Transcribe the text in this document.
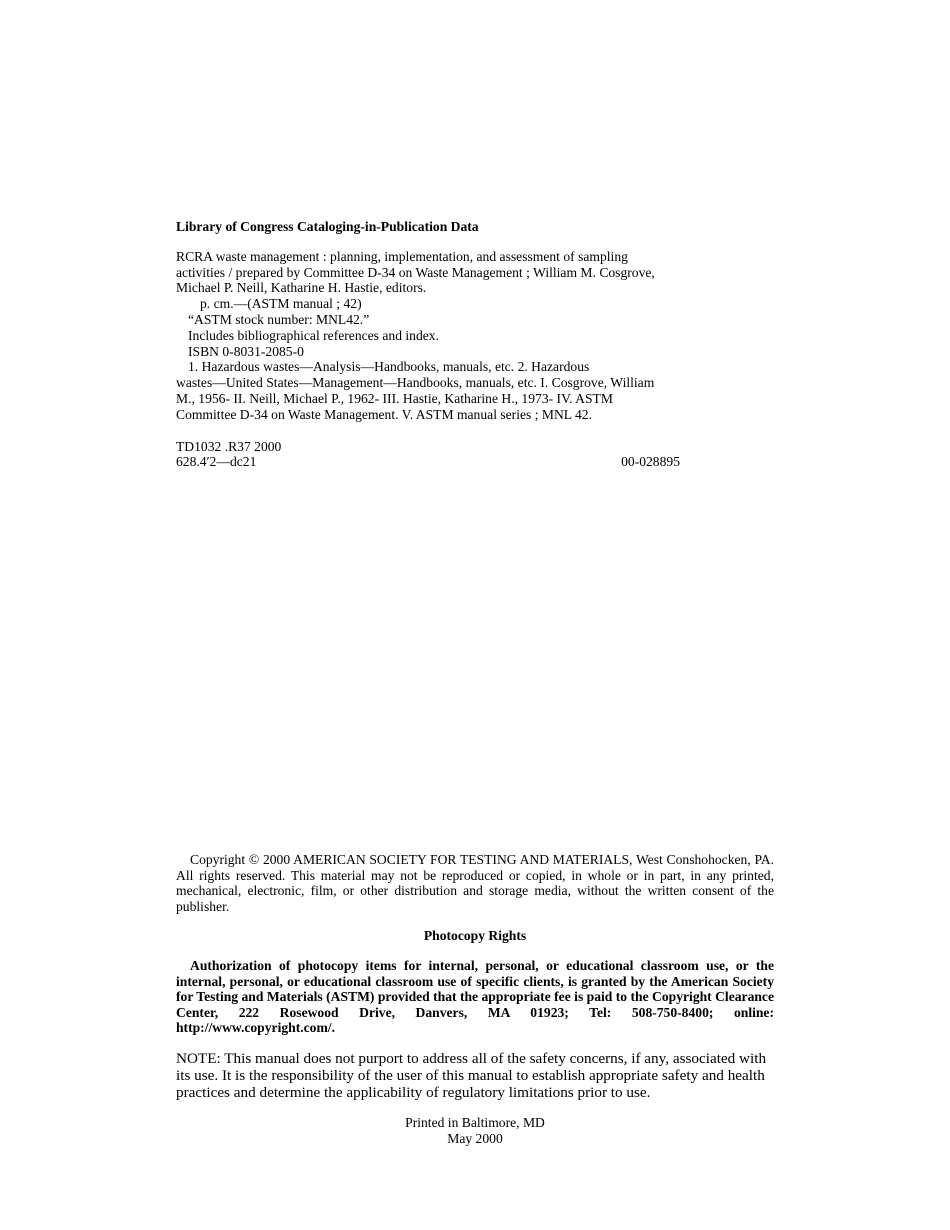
Library of Congress Cataloging-in-Publication Data

RCRA waste management : planning, implementation, and assessment of sampling

activities / prepared by Committee D-34 on Waste Management ; William M. Cosgrove,

Michael P. Neill, Katharine H. Hastie, editors.

p. cm.—(ASTM manual ; 42)

“ASTM stock number: MNL42.”

Includes bibliographical references and index.

ISBN 0-8031-2085-0

1. Hazardous wastes—Analysis—Handbooks, manuals, etc. 2. Hazardous

wastes—United States—Management—Handbooks, manuals, etc. I. Cosgrove, William

M., 1956- II. Neill, Michael P., 1962- III. Hastie, Katharine H., 1973- IV. ASTM

Committee D-34 on Waste Management. V. ASTM manual series ; MNL 42.

TD1032 .R37 2000
628.4′2—dc21	00-028895

Copyright © 2000 AMERICAN SOCIETY FOR TESTING AND MATERIALS, West Conshohocken, PA. All rights reserved. This material may not be reproduced or copied, in whole or in part, in any printed, mechanical, electronic, film, or other distribution and storage media, without the written consent of the publisher.

Photocopy Rights

Authorization of photocopy items for internal, personal, or educational classroom use, or the internal, personal, or educational classroom use of specific clients, is granted by the American Society for Testing and Materials (ASTM) provided that the appropriate fee is paid to the Copyright Clearance Center, 222 Rosewood Drive, Danvers, MA 01923; Tel: 508-750-8400; online: http://www.copyright.com/.

NOTE: This manual does not purport to address all of the safety concerns, if any, associated with its use. It is the responsibility of the user of this manual to establish appropriate safety and health practices and determine the applicability of regulatory limitations prior to use.

Printed in Baltimore, MD
May 2000
